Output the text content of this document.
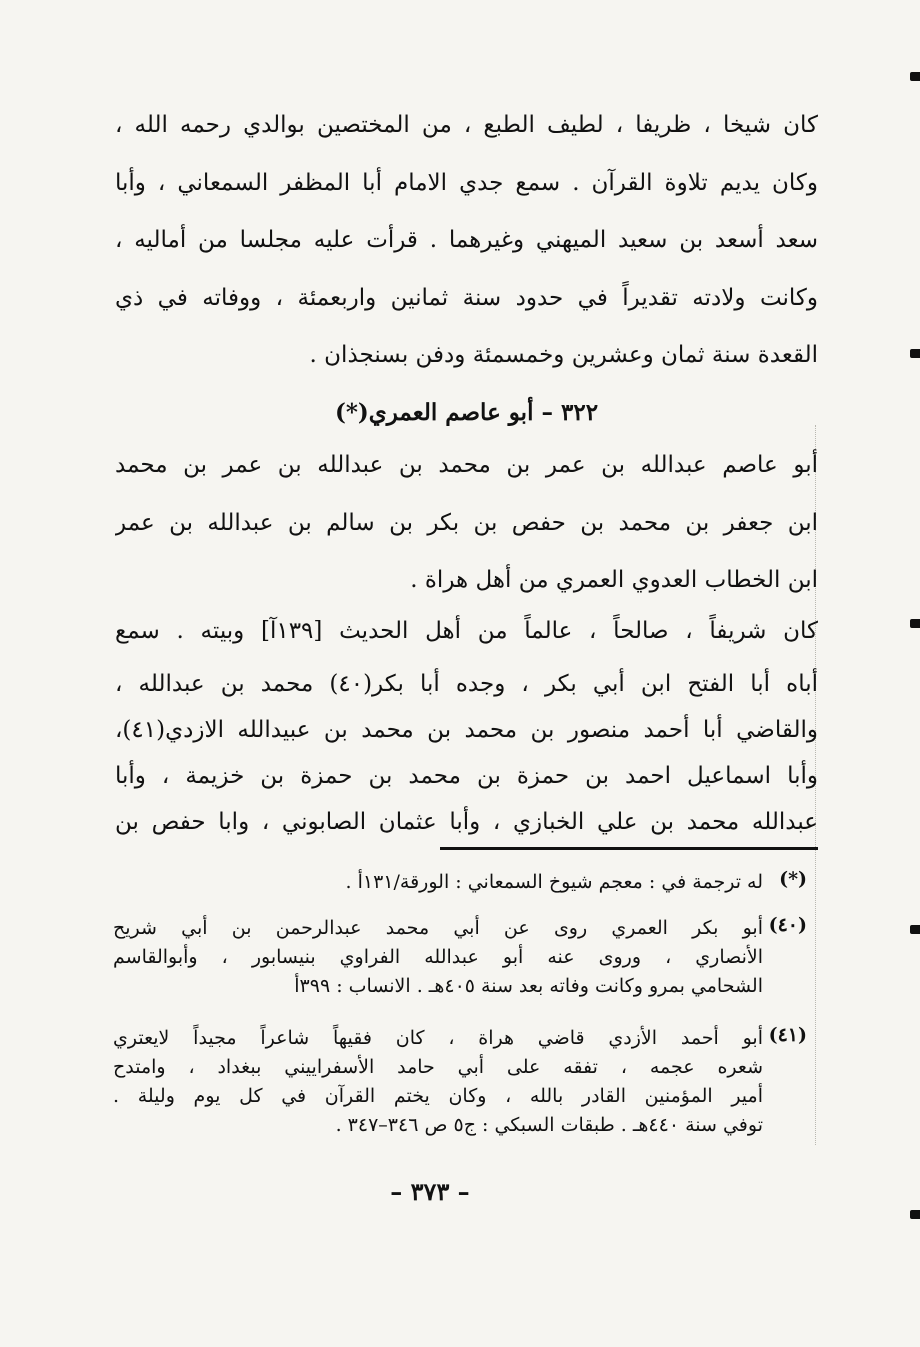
كان شيخا ، ظريفا ، لطيف الطبع ، من المختصين بوالدي رحمه الله ،
وكان يديم تلاوة القرآن . سمع جدي الامام أبا المظفر السمعاني ، وأبا
سعد أسعد بن سعيد الميهني وغيرهما . قرأت عليه مجلسا من أماليه ،
وكانت ولادته تقديراً في حدود سنة ثمانين واربعمئة ، ووفاته في ذي
القعدة سنة ثمان وعشرين وخمسمئة ودفن بسنجذان .
٣٢٢ – أبو عاصم العمري(*)
أبو عاصم عبدالله بن عمر بن محمد بن عبدالله بن عمر بن محمد
ابن جعفر بن محمد بن حفص بن بكر بن سالم بن عبدالله بن عمر
ابن الخطاب العدوي العمري من أهل هراة .
كان شريفاً ، صالحاً ، عالماً من أهل الحديث [١٣٩آ] وبيته . سمع
أباه أبا الفتح ابن أبي بكر ، وجده أبا بكر(٤٠) محمد بن عبدالله ،
والقاضي أبا أحمد منصور بن محمد بن محمد بن عبيدالله الازدي(٤١)،
وأبا اسماعيل احمد بن حمزة بن محمد بن حمزة بن خزيمة ، وأبا
عبدالله محمد بن علي الخبازي ، وأبا عثمان الصابوني ، وابا حفص بن
(*)
له ترجمة في : معجم شيوخ السمعاني : الورقة/١٣١أ .
(٤٠)
أبو بكر العمري روى عن أبي محمد عبدالرحمن بن أبي شريح
الأنصاري ، وروى عنه أبو عبدالله الفراوي بنيسابور ، وأبوالقاسم
الشحامي بمرو وكانت وفاته بعد سنة ٤٠٥هـ . الانساب : ٣٩٩أ
(٤١)
أبو أحمد الأزدي قاضي هراة ، كان فقيهاً شاعراً مجيداً لايعتري
شعره عجمه ، تفقه على أبي حامد الأسفراييني ببغداد ، وامتدح
أمير المؤمنين القادر بالله ، وكان يختم القرآن في كل يوم وليلة .
توفي سنة ٤٤٠هـ . طبقات السبكي : ج٥ ص ٣٤٦–٣٤٧ .
– ٣٧٣ –
